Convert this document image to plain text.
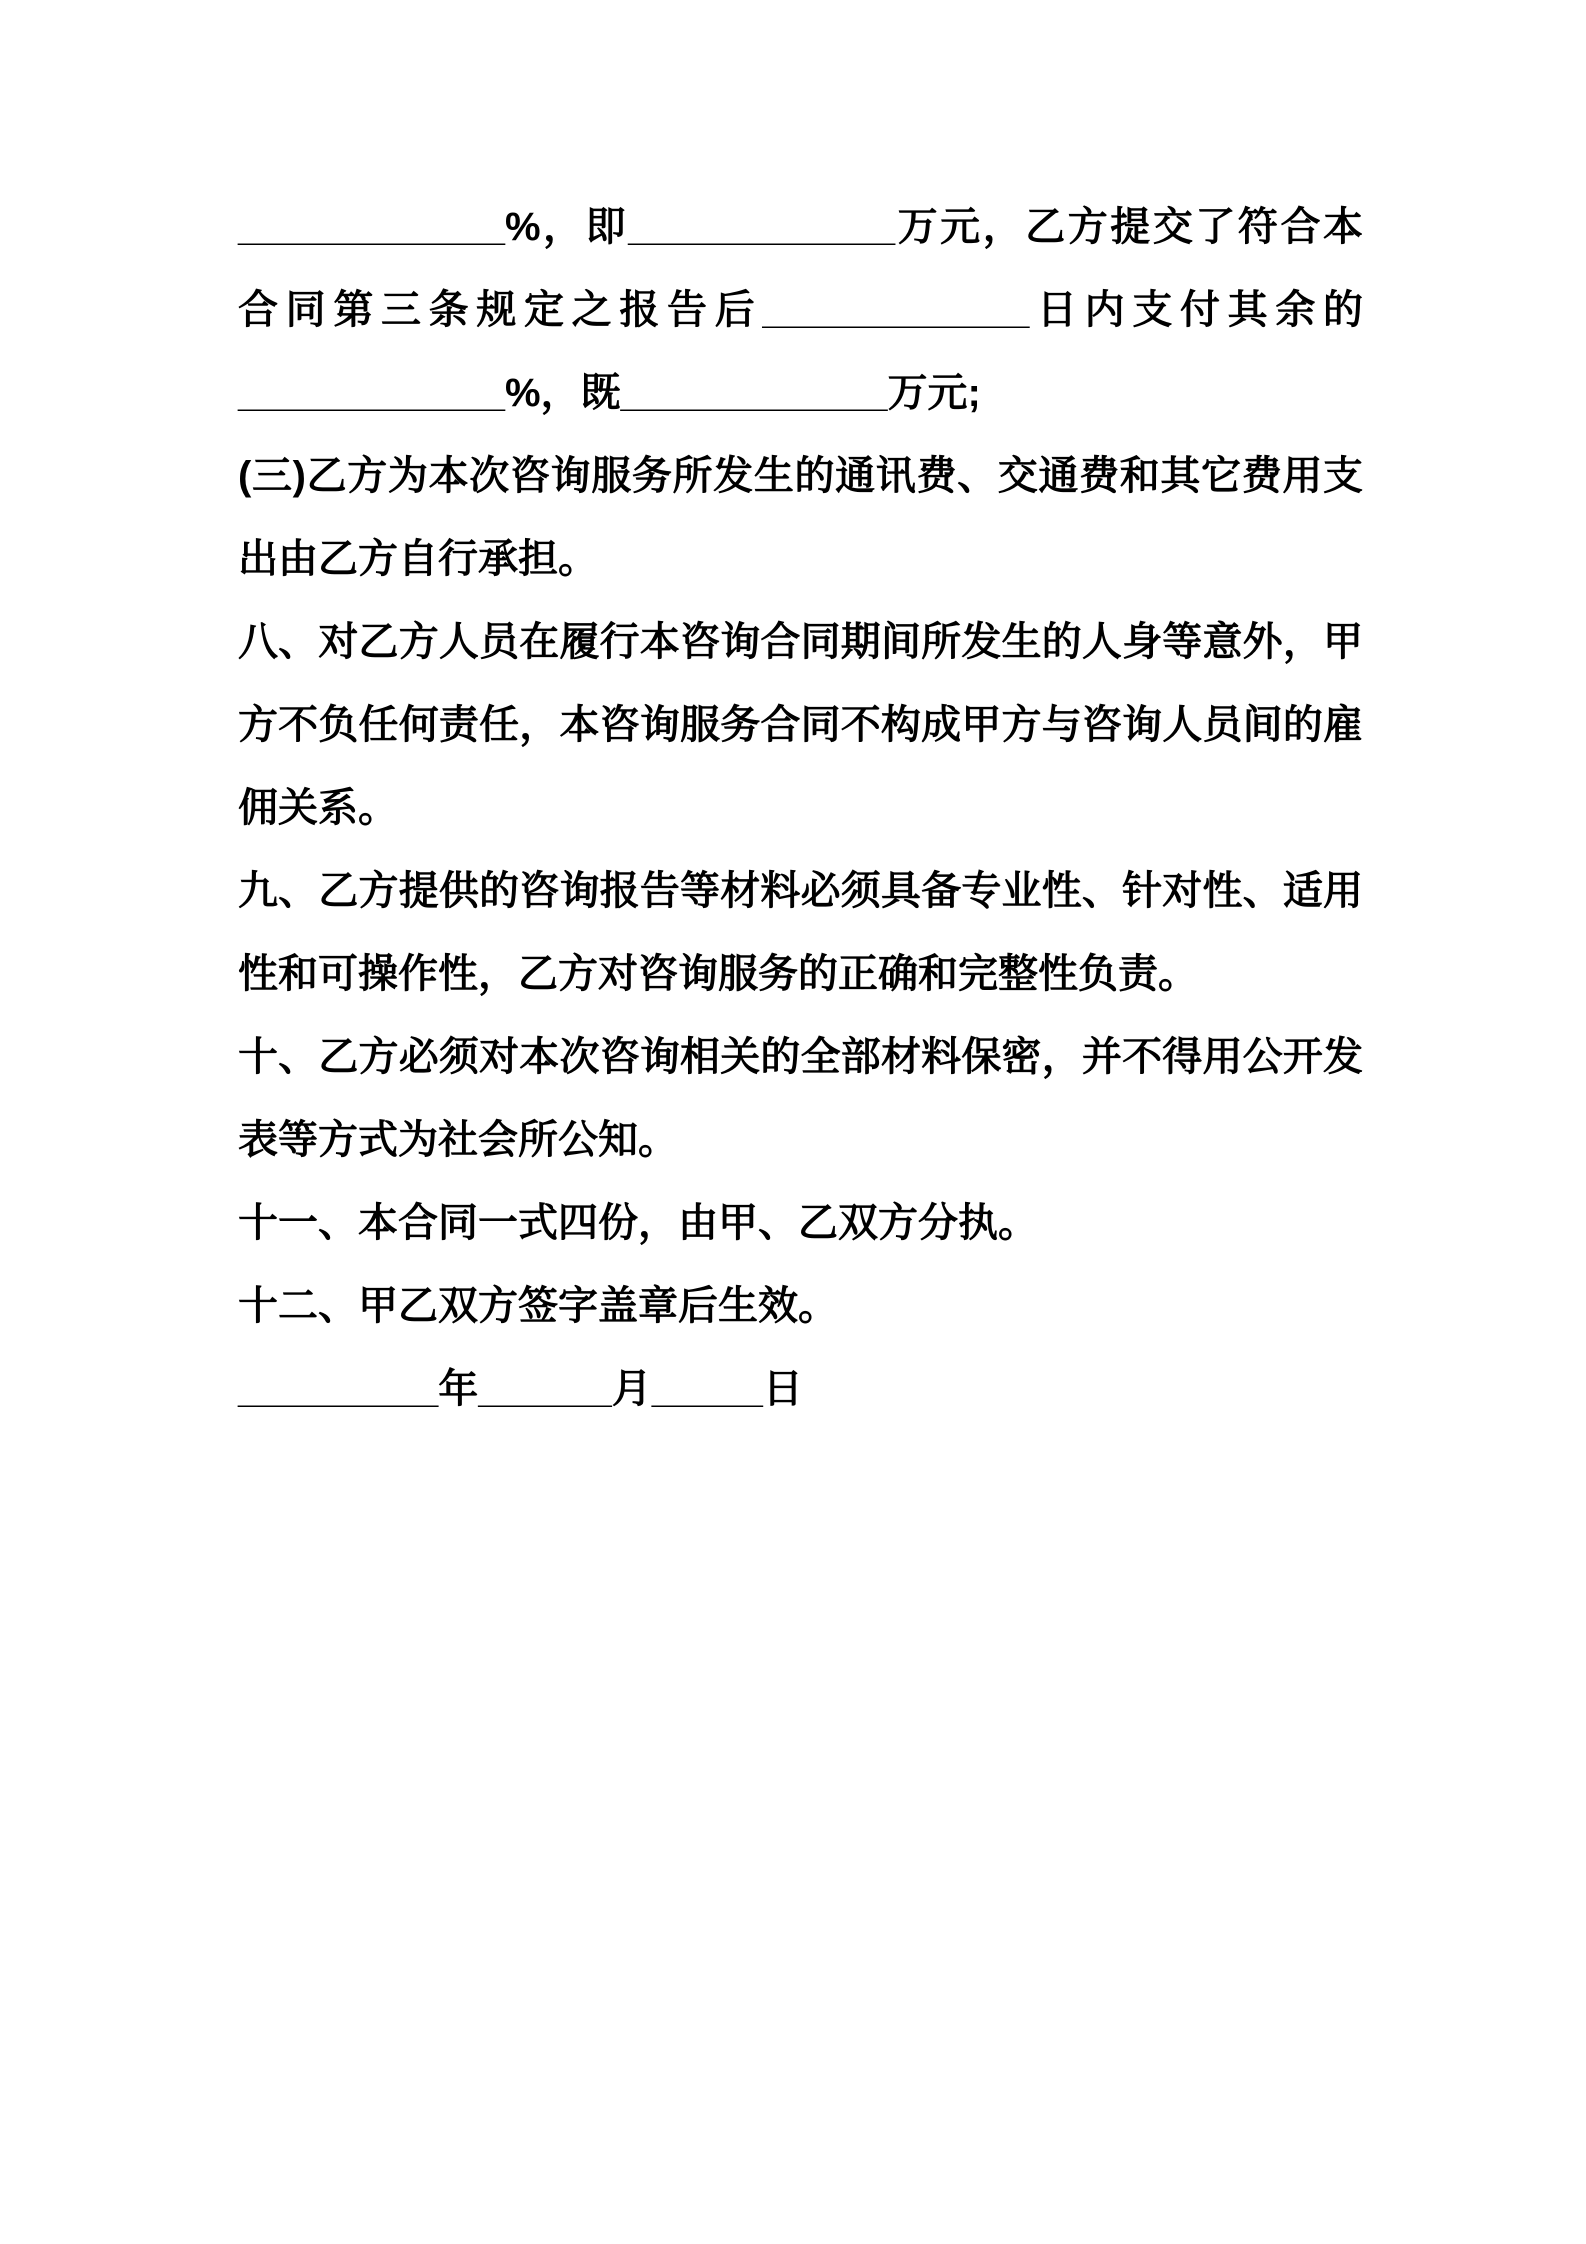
____________%，即____________万元，乙方提交了符合本
合同第三条规定之报告后____________日内支付其余的
____________%，既____________万元;
(三)乙方为本次咨询服务所发生的通讯费、交通费和其它费用支
出由乙方自行承担。
八、对乙方人员在履行本咨询合同期间所发生的人身等意外，甲
方不负任何责任，本咨询服务合同不构成甲方与咨询人员间的雇
佣关系。
九、乙方提供的咨询报告等材料必须具备专业性、针对性、适用
性和可操作性，乙方对咨询服务的正确和完整性负责。
十、乙方必须对本次咨询相关的全部材料保密，并不得用公开发
表等方式为社会所公知。
十一、本合同一式四份，由甲、乙双方分执。
十二、甲乙双方签字盖章后生效。
_________年______月_____日
